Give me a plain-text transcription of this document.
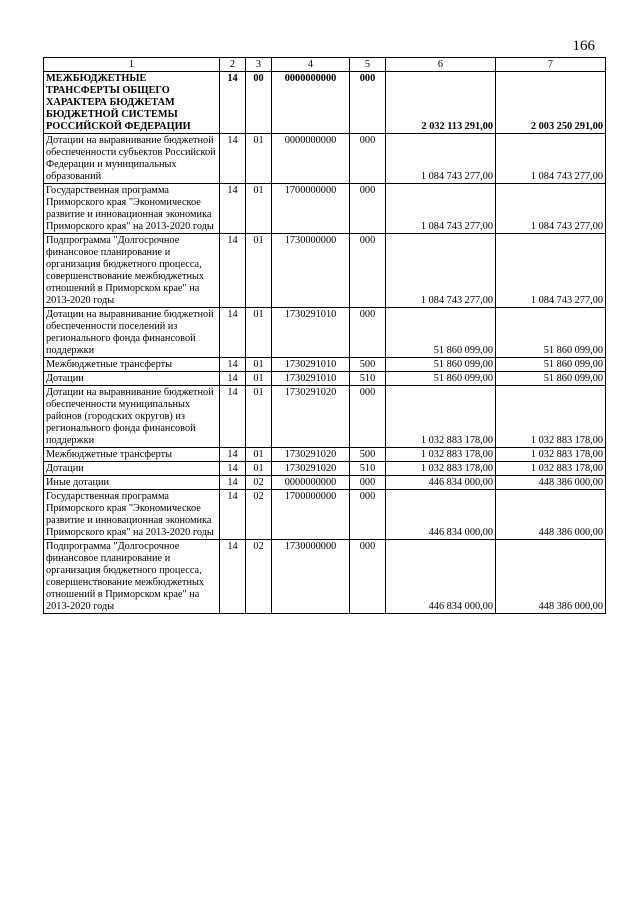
166
1	2	3	4	5	6	7
МЕЖБЮДЖЕТНЫЕ ТРАНСФЕРТЫ ОБЩЕГО ХАРАКТЕРА БЮДЖЕТАМ БЮДЖЕТНОЙ СИСТЕМЫ РОССИЙСКОЙ ФЕДЕРАЦИИ	14	00	0000000000	000	2 032 113 291,00	2 003 250 291,00
Дотации на выравнивание бюджетной обеспеченности субъектов Российской Федерации и муниципальных образований	14	01	0000000000	000	1 084 743 277,00	1 084 743 277,00
Государственная программа Приморского края "Экономическое развитие и инновационная экономика Приморского края" на 2013-2020 годы	14	01	1700000000	000	1 084 743 277,00	1 084 743 277,00
Подпрограмма "Долгосрочное финансовое планирование и организация бюджетного процесса, совершенствование межбюджетных отношений в Приморском крае" на 2013-2020 годы	14	01	1730000000	000	1 084 743 277,00	1 084 743 277,00
Дотации на выравнивание бюджетной обеспеченности поселений из регионального фонда финансовой поддержки	14	01	1730291010	000	51 860 099,00	51 860 099,00
Межбюджетные трансферты	14	01	1730291010	500	51 860 099,00	51 860 099,00
Дотации	14	01	1730291010	510	51 860 099,00	51 860 099,00
Дотации на выравнивание бюджетной обеспеченности муниципальных районов (городских округов) из регионального фонда финансовой поддержки	14	01	1730291020	000	1 032 883 178,00	1 032 883 178,00
Межбюджетные трансферты	14	01	1730291020	500	1 032 883 178,00	1 032 883 178,00
Дотации	14	01	1730291020	510	1 032 883 178,00	1 032 883 178,00
Иные дотации	14	02	0000000000	000	446 834 000,00	448 386 000,00
Государственная программа Приморского края "Экономическое развитие и инновационная экономика Приморского края" на 2013-2020 годы	14	02	1700000000	000	446 834 000,00	448 386 000,00
Подпрограмма "Долгосрочное финансовое планирование и организация бюджетного процесса, совершенствование межбюджетных отношений в Приморском крае" на 2013-2020 годы	14	02	1730000000	000	446 834 000,00	448 386 000,00
